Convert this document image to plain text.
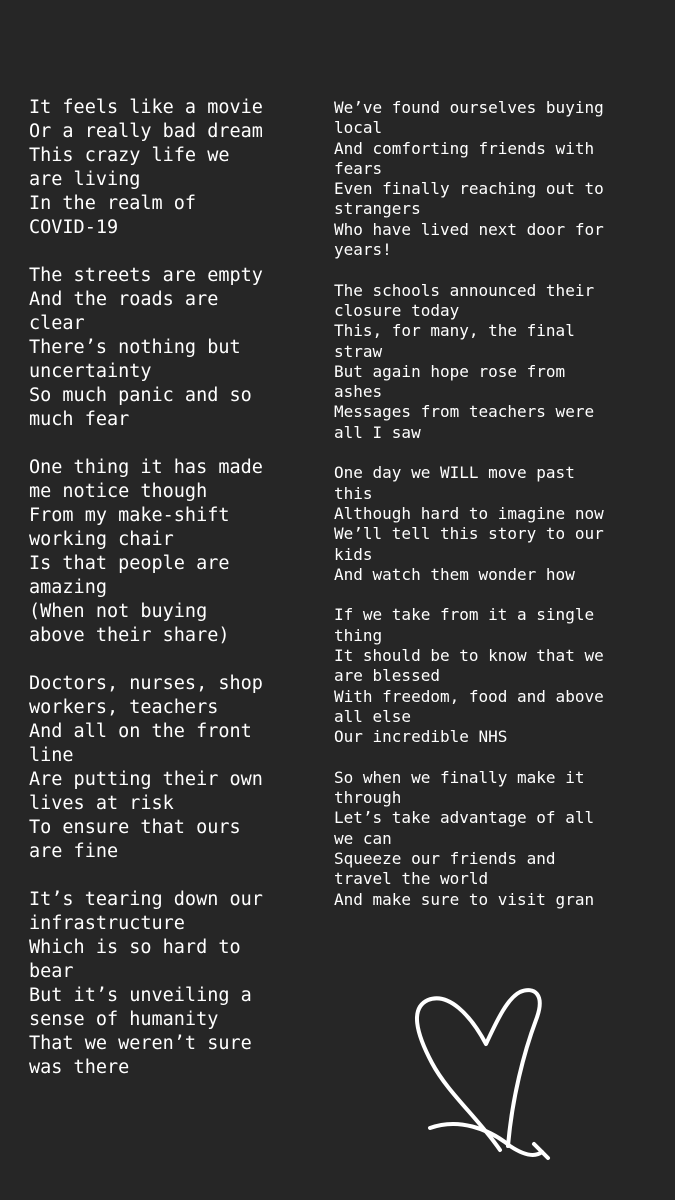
It feels like a movie
Or a really bad dream
This crazy life we
are living
In the realm of
COVID-19

The streets are empty
And the roads are
clear
There’s nothing but
uncertainty
So much panic and so
much fear

One thing it has made
me notice though
From my make-shift
working chair
Is that people are
amazing
(When not buying
above their share)

Doctors, nurses, shop
workers, teachers
And all on the front
line
Are putting their own
lives at risk
To ensure that ours
are fine

It’s tearing down our
infrastructure
Which is so hard to
bear
But it’s unveiling a
sense of humanity
That we weren’t sure
was there
We’ve found ourselves buying
local
And comforting friends with
fears
Even finally reaching out to
strangers
Who have lived next door for
years!

The schools announced their
closure today
This, for many, the final
straw
But again hope rose from
ashes
Messages from teachers were
all I saw

One day we WILL move past
this
Although hard to imagine now
We’ll tell this story to our
kids
And watch them wonder how

If we take from it a single
thing
It should be to know that we
are blessed
With freedom, food and above
all else
Our incredible NHS

So when we finally make it
through
Let’s take advantage of all
we can
Squeeze our friends and
travel the world
And make sure to visit gran
